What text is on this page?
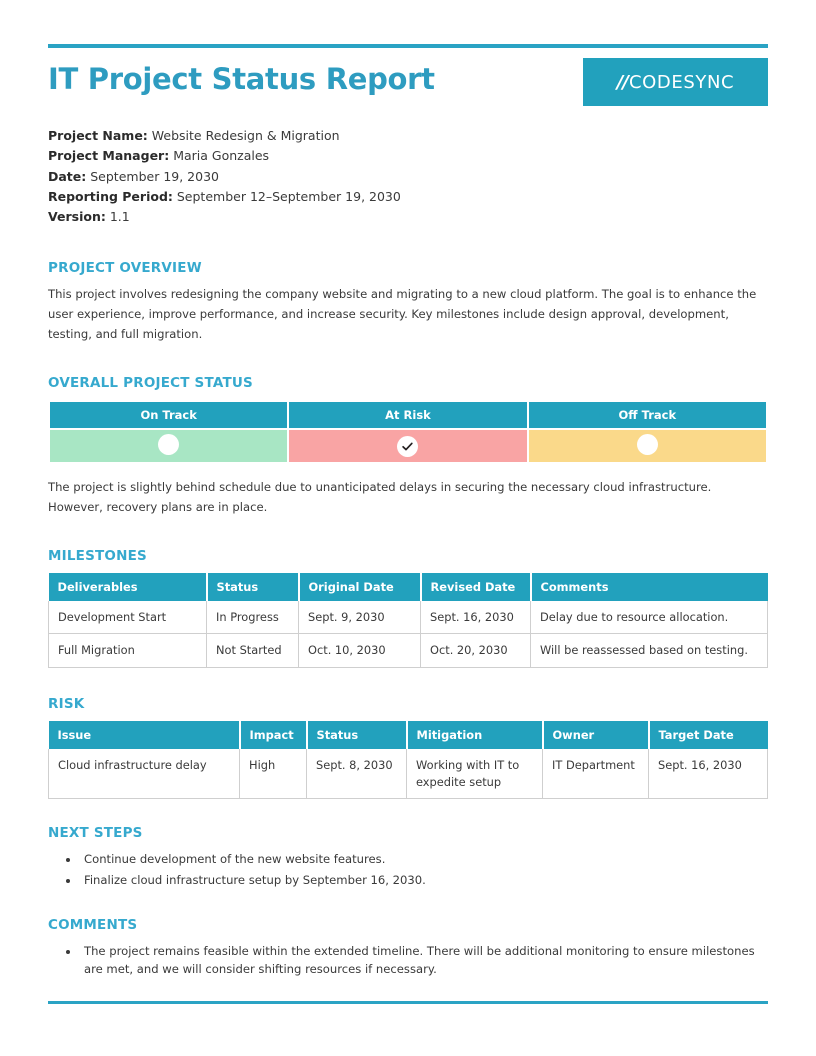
IT Project Status Report	// CODESYNC
Project Name: Website Redesign & Migration
Project Manager: Maria Gonzales
Date: September 19, 2030
Reporting Period: September 12–September 19, 2030
Version: 1.1
PROJECT OVERVIEW

This project involves redesigning the company website and migrating to a new cloud platform. The goal is to enhance the user experience, improve performance, and increase security. Key milestones include design approval, development, testing, and full migration.

OVERALL PROJECT STATUS
On Track	At Risk	Off Track

The project is slightly behind schedule due to unanticipated delays in securing the necessary cloud infrastructure. However, recovery plans are in place.

MILESTONES
Deliverables	Status	Original Date	Revised Date	Comments
Development Start	In Progress	Sept. 9, 2030	Sept. 16, 2030	Delay due to resource allocation.
Full Migration	Not Started	Oct. 10, 2030	Oct. 20, 2030	Will be reassessed based on testing.
RISK
Issue	Impact	Status	Mitigation	Owner	Target Date
Cloud infrastructure delay	High	Sept. 8, 2030	Working with IT to expedite setup	IT Department	Sept. 16, 2030
NEXT STEPS
• Continue development of the new website features.
• Finalize cloud infrastructure setup by September 16, 2030.
COMMENTS
• The project remains feasible within the extended timeline. There will be additional monitoring to ensure milestones are met, and we will consider shifting resources if necessary.
